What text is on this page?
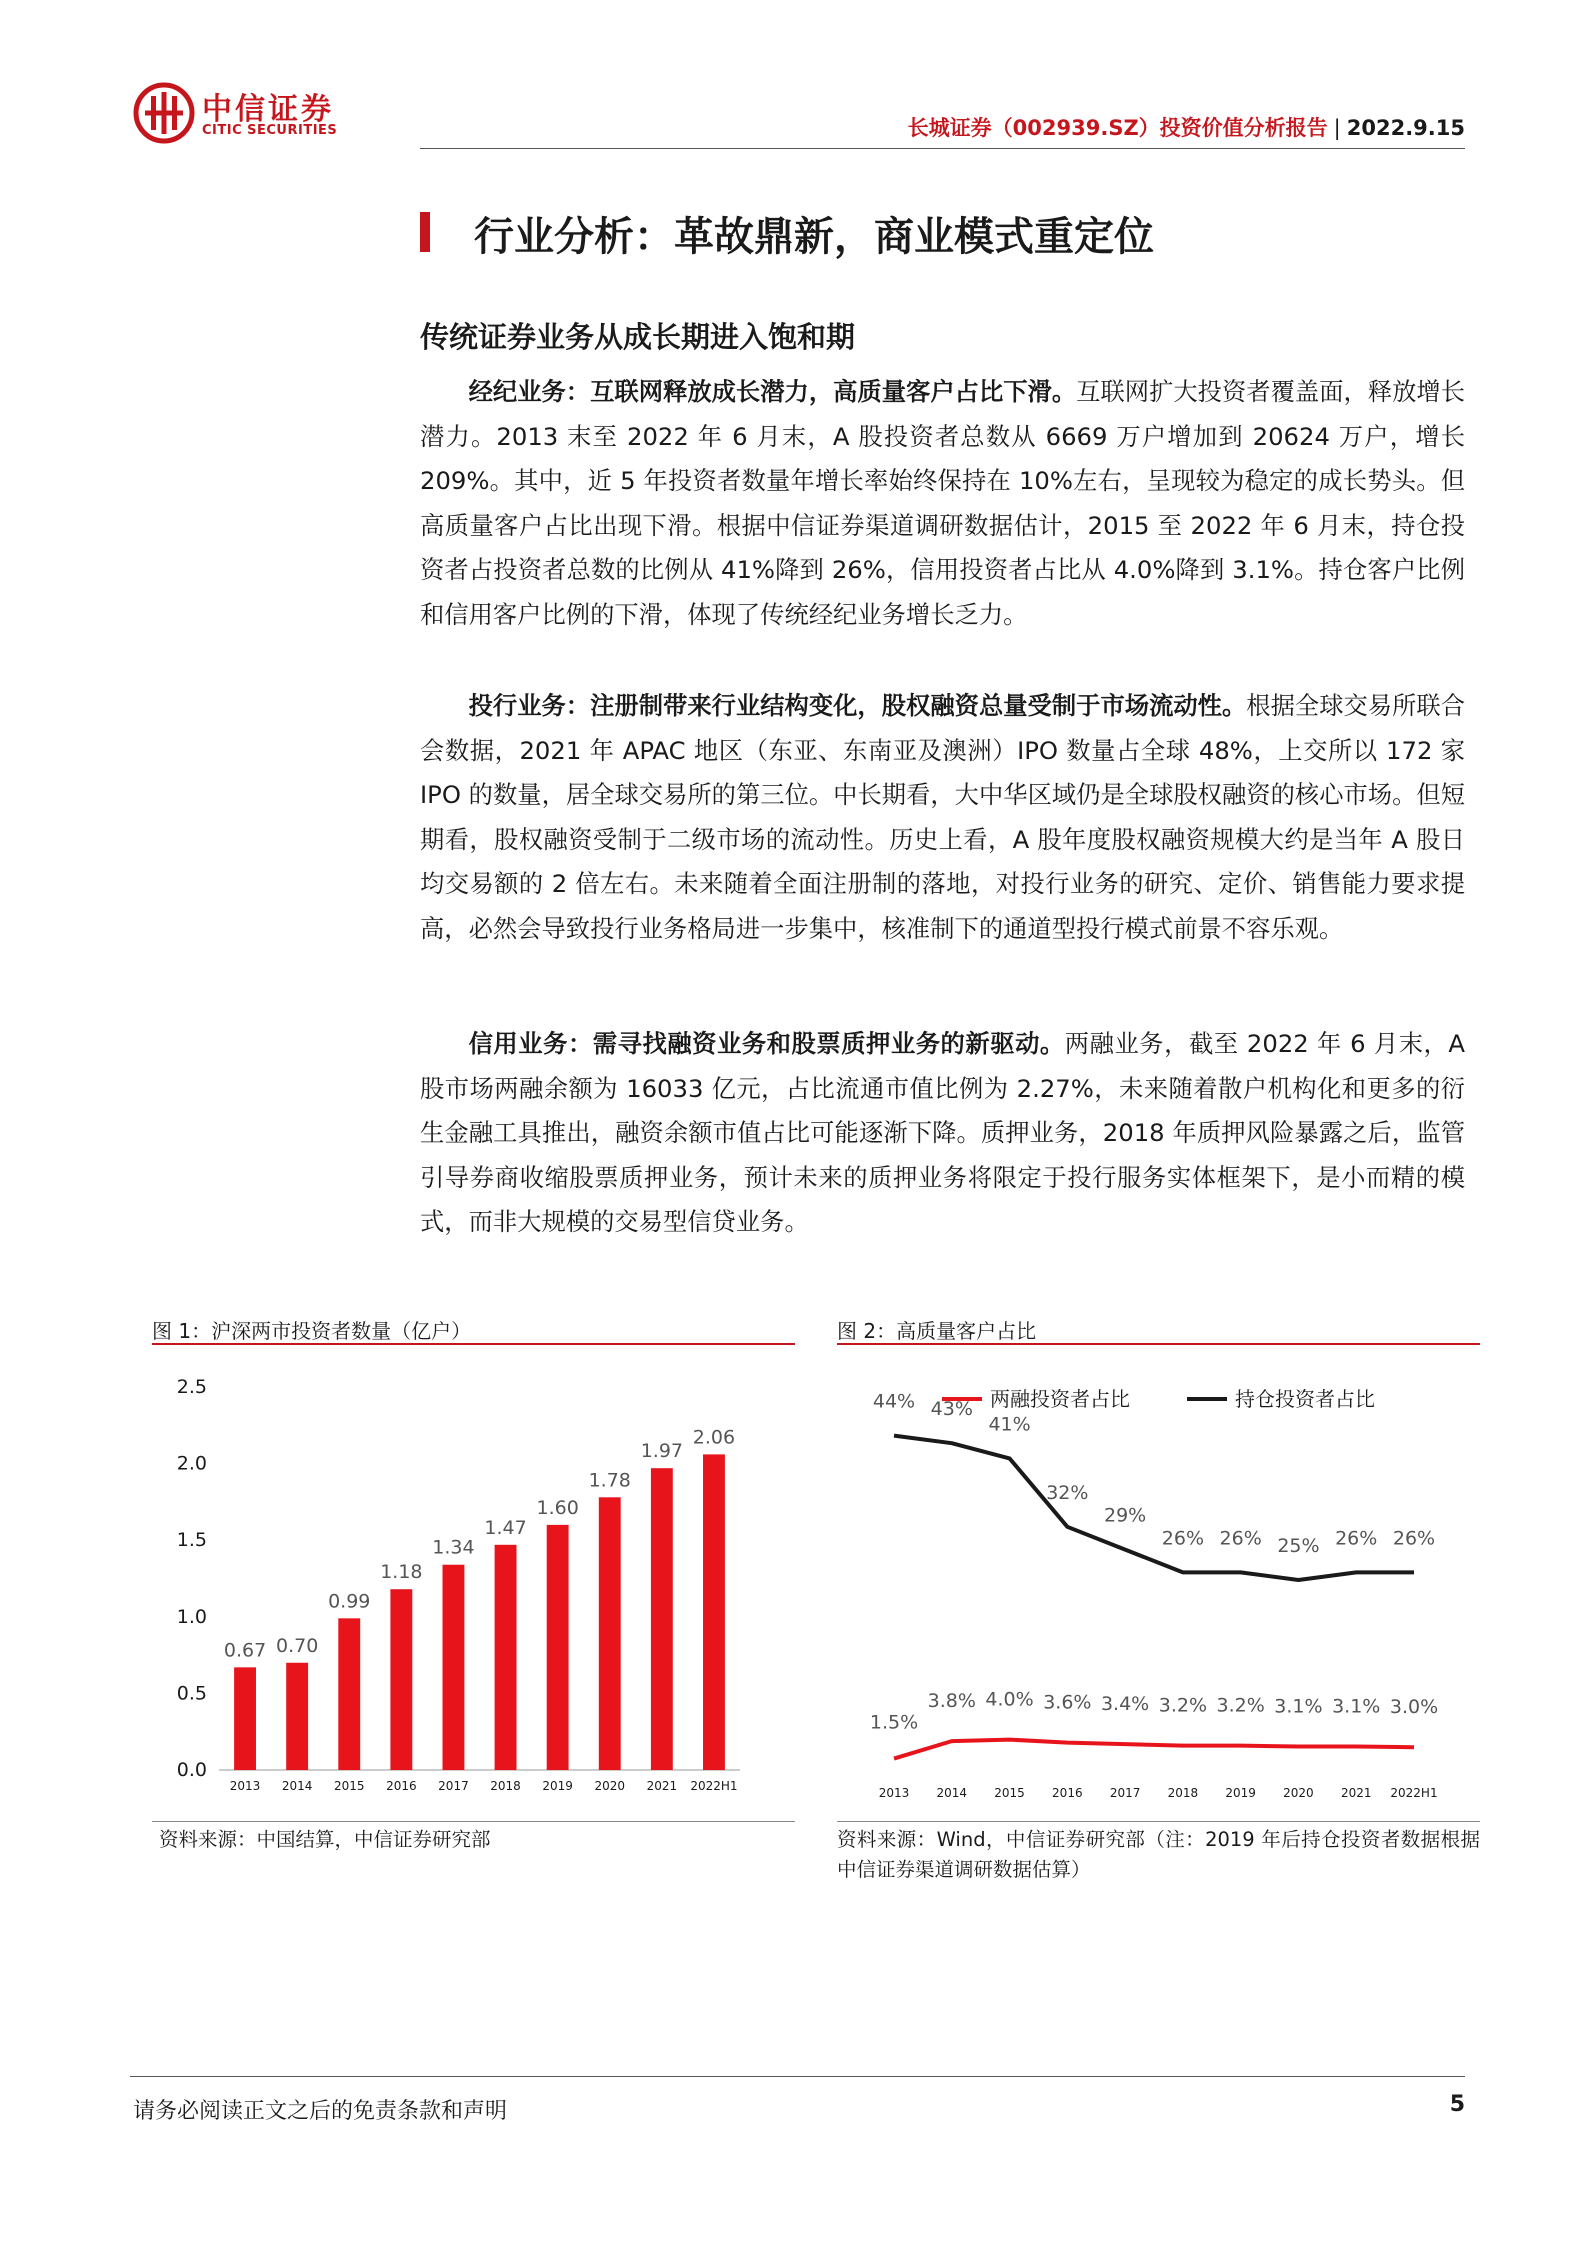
中信证券
CITIC SECURITIES	长城证券（002939.SZ）投资价值分析报告 | 2022.9.15
行业分析：革故鼎新，商业模式重定位
传统证券业务从成长期进入饱和期
经纪业务：互联网释放成长潜力，高质量客户占比下滑。互联网扩大投资者覆盖面，释放增长潜力。2013 末至 2022 年 6 月末，A 股投资者总数从 6669 万户增加到 20624 万户，增长 209%。其中，近 5 年投资者数量年增长率始终保持在 10%左右，呈现较为稳定的成长势头。但高质量客户占比出现下滑。根据中信证券渠道调研数据估计，2015 至 2022 年 6 月末，持仓投资者占投资者总数的比例从 41%降到 26%，信用投资者占比从 4.0%降到 3.1%。持仓客户比例和信用客户比例的下滑，体现了传统经纪业务增长乏力。
投行业务：注册制带来行业结构变化，股权融资总量受制于市场流动性。根据全球交易所联合会数据，2021 年 APAC 地区（东亚、东南亚及澳洲）IPO 数量占全球 48%，上交所以 172 家 IPO 的数量，居全球交易所的第三位。中长期看，大中华区域仍是全球股权融资的核心市场。但短期看，股权融资受制于二级市场的流动性。历史上看，A 股年度股权融资规模大约是当年 A 股日均交易额的 2 倍左右。未来随着全面注册制的落地，对投行业务的研究、定价、销售能力要求提高，必然会导致投行业务格局进一步集中，核准制下的通道型投行模式前景不容乐观。
信用业务：需寻找融资业务和股票质押业务的新驱动。两融业务，截至 2022 年 6 月末，A 股市场两融余额为 16033 亿元，占比流通市值比例为 2.27%，未来随着散户机构化和更多的衍生金融工具推出，融资余额市值占比可能逐渐下降。质押业务，2018 年质押风险暴露之后，监管引导券商收缩股票质押业务，预计未来的质押业务将限定于投行服务实体框架下，是小而精的模式，而非大规模的交易型信贷业务。
图 1：沪深两市投资者数量（亿户）
0.0
0.5
1.0
1.5
2.0
2.5
0.67
2013
0.70
2014
0.99
2015
1.18
2016
1.34
2017
1.47
2018
1.60
2019
1.78
2020
1.97
2021
2.06
2022H1
资料来源：中国结算，中信证券研究部
图 2：高质量客户占比
两融投资者占比	持仓投资者占比
2013 2014 2015 2016 2017 2018 2019 2020 2021 2022H1
1.5%
3.8% 4.0% 3.6% 3.4% 3.2% 3.2% 3.1% 3.1% 3.0%
44% 43%
41%
32%
29%
26% 26% 25% 26% 26%
资料来源：Wind，中信证券研究部（注：2019 年后持仓投资者数据根据中信证券渠道调研数据估算）
请务必阅读正文之后的免责条款和声明	5
